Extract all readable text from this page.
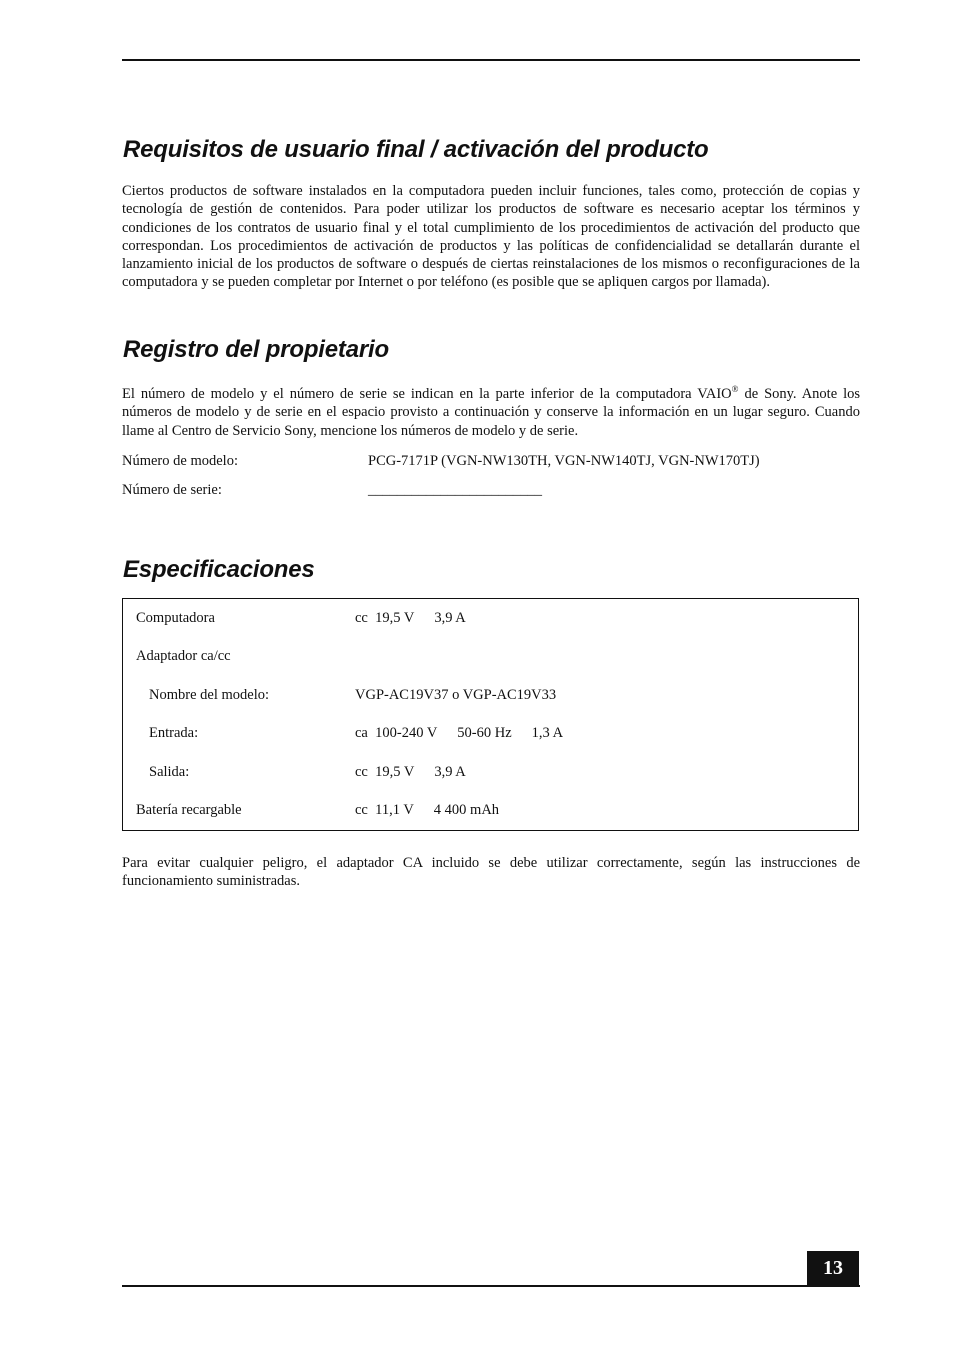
Requisitos de usuario final / activación del producto

Ciertos productos de software instalados en la computadora pueden incluir funciones, tales como, protección de copias y tecnología de gestión de contenidos. Para poder utilizar los productos de software es necesario aceptar los términos y condiciones de los contratos de usuario final y el total cumplimiento de los procedimientos de activación del producto que correspondan. Los procedimientos de activación de productos y las políticas de confidencialidad se detallarán durante el lanzamiento inicial de los productos de software o después de ciertas reinstalaciones de los mismos o reconfiguraciones de la computadora y se pueden completar por Internet o por teléfono (es posible que se apliquen cargos por llamada).

Registro del propietario

El número de modelo y el número de serie se indican en la parte inferior de la computadora VAIO® de Sony. Anote los números de modelo y de serie en el espacio provisto a continuación y conserve la información en un lugar seguro. Cuando llame al Centro de Servicio Sony, mencione los números de modelo y de serie.

Número de modelo:	PCG-7171P (VGN-NW130TH, VGN-NW140TJ, VGN-NW170TJ)
Número de serie:	________________________
Especificaciones
Computadora	cc 19,5 V 3,9 A
Adaptador ca/cc
Nombre del modelo:	VGP-AC19V37 o VGP-AC19V33
Entrada:	ca 100-240 V 50-60 Hz 1,3 A
Salida:	cc 19,5 V 3,9 A
Batería recargable	cc 11,1 V 4 400 mAh

Para evitar cualquier peligro, el adaptador CA incluido se debe utilizar correctamente, según las instrucciones de funcionamiento suministradas.

13
